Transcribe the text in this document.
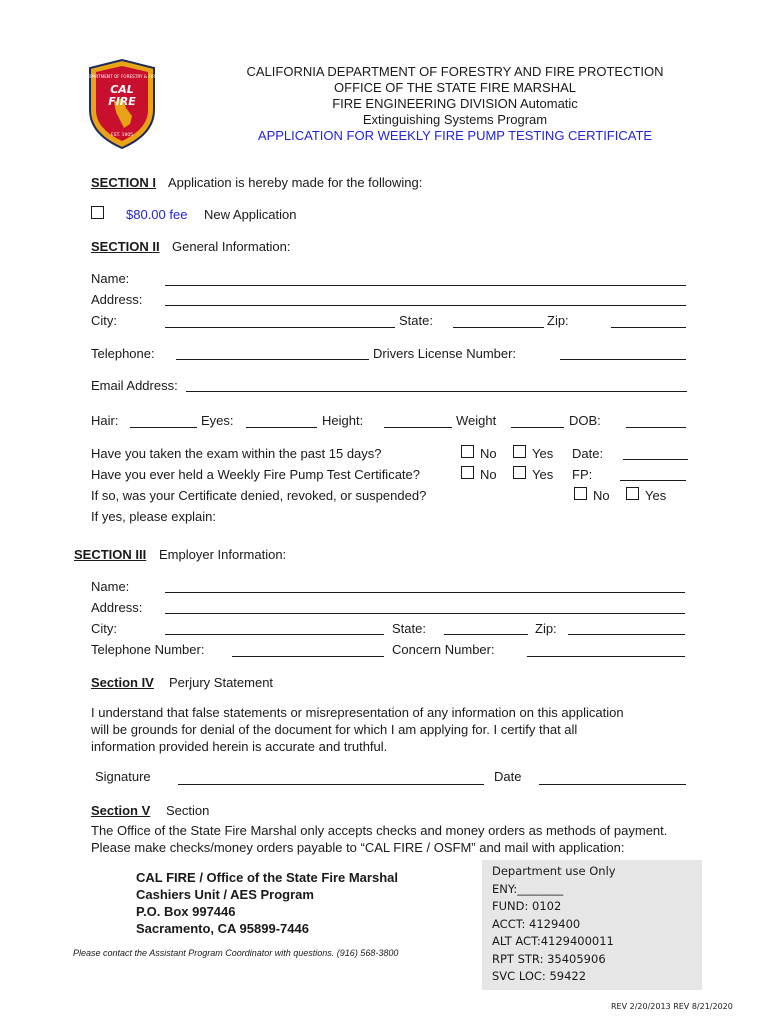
CALIFORNIA DEPARTMENT OF FORESTRY & FIRE PROTECTION
CAL
FIRE
EST. 1905
CALIFORNIA DEPARTMENT OF FORESTRY AND FIRE PROTECTION
OFFICE OF THE STATE FIRE MARSHAL
FIRE ENGINEERING DIVISION Automatic
Extinguishing Systems Program
APPLICATION FOR WEEKLY FIRE PUMP TESTING CERTIFICATE
SECTION I Application is hereby made for the following:
$80.00 fee New Application
SECTION II General Information:
Name:
Address:
City:	State:	Zip:
Telephone:	Drivers License Number:
Email Address:
Hair:	Eyes:	Height:	Weight	DOB:
Have you taken the exam within the past 15 days?	No	Yes Date:
Have you ever held a Weekly Fire Pump Test Certificate?	No	Yes FP:
If so, was your Certificate denied, revoked, or suspended?	No	Yes
If yes, please explain:
SECTION III Employer Information:
Name:
Address:
City:	State:	Zip:
Telephone Number:	Concern Number:
Section IV Perjury Statement
I understand that false statements or misrepresentation of any information on this application
will be grounds for denial of the document for which I am applying for. I certify that all
information provided herein is accurate and truthful.
Signature	Date
Section V Section
The Office of the State Fire Marshal only accepts checks and money orders as methods of payment.
Please make checks/money orders payable to “CAL FIRE / OSFM” and mail with application:
CAL FIRE / Office of the State Fire Marshal
Cashiers Unit / AES Program
P.O. Box 997446
Sacramento, CA 95899-7446
Please contact the Assistant Program Coordinator with questions. (916) 568-3800
Department use Only
ENY:________
FUND: 0102
ACCT: 4129400
ALT ACT:4129400011
RPT STR: 35405906
SVC LOC: 59422
REV 2/20/2013 REV 8/21/2020
